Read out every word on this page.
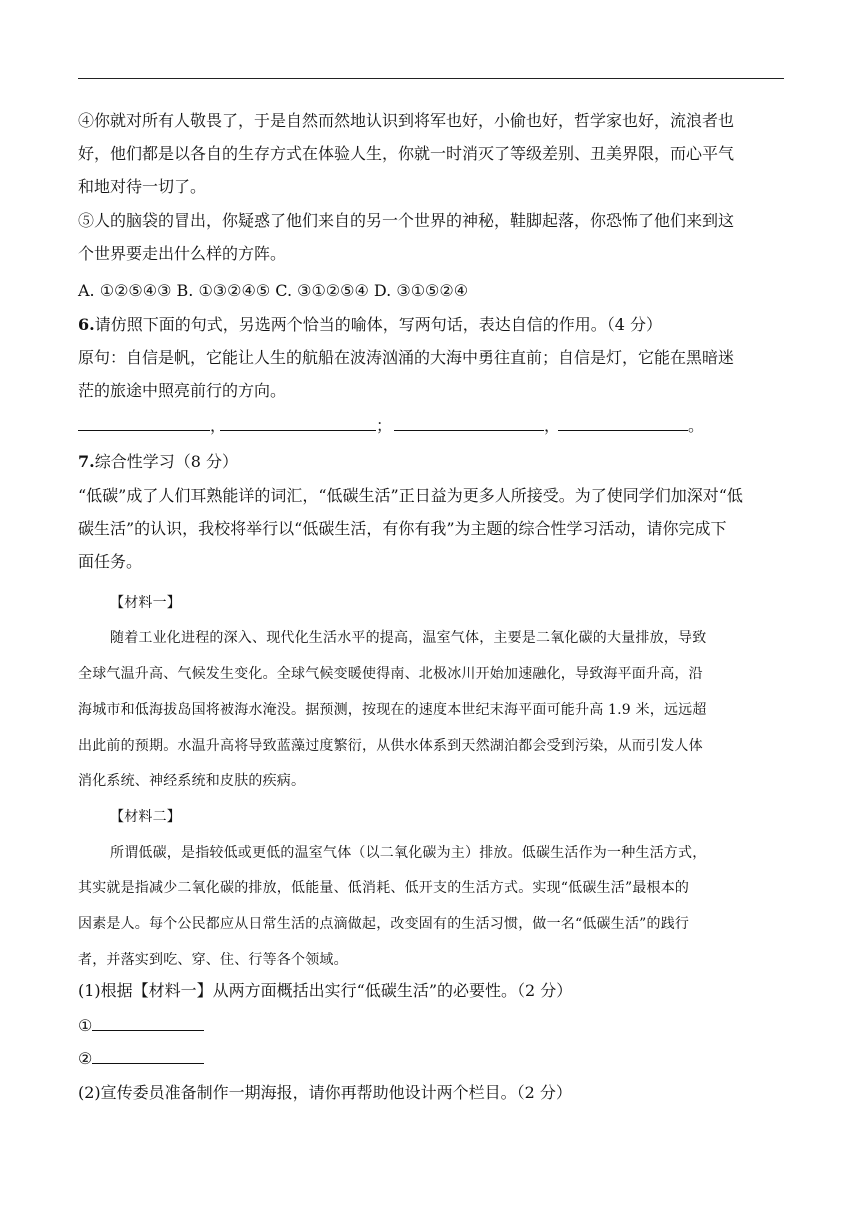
④你就对所有人敬畏了，于是自然而然地认识到将军也好，小偷也好，哲学家也好，流浪者也
好，他们都是以各自的生存方式在体验人生，你就一时消灭了等级差别、丑美界限，而心平气
和地对待一切了。
⑤人的脑袋的冒出，你疑惑了他们来自的另一个世界的神秘，鞋脚起落，你恐怖了他们来到这
个世界要走出什么样的方阵。
A. ①②⑤④③ B. ①③②④⑤ C. ③①②⑤④ D. ③①⑤②④
6.请仿照下面的句式，另选两个恰当的喻体，写两句话，表达自信的作用。（4 分）
原句：自信是帆，它能让人生的航船在波涛汹涌的大海中勇往直前；自信是灯，它能在黑暗迷
茫的旅途中照亮前行的方向。
，	；	，	。
7.综合性学习（8 分）
“低碳”成了人们耳熟能详的词汇，“低碳生活”正日益为更多人所接受。为了使同学们加深对“低
碳生活”的认识，我校将举行以“低碳生活，有你有我”为主题的综合性学习活动，请你完成下
面任务。
【材料一】
随着工业化进程的深入、现代化生活水平的提高，温室气体，主要是二氧化碳的大量排放，导致
全球气温升高、气候发生变化。全球气候变暖使得南、北极冰川开始加速融化，导致海平面升高，沿
海城市和低海拔岛国将被海水淹没。据预测，按现在的速度本世纪末海平面可能升高 1.9 米，远远超
出此前的预期。水温升高将导致蓝藻过度繁衍，从供水体系到天然湖泊都会受到污染，从而引发人体
消化系统、神经系统和皮肤的疾病。
【材料二】
所谓低碳，是指较低或更低的温室气体（以二氧化碳为主）排放。低碳生活作为一种生活方式，
其实就是指减少二氧化碳的排放，低能量、低消耗、低开支的生活方式。实现“低碳生活”最根本的
因素是人。每个公民都应从日常生活的点滴做起，改变固有的生活习惯，做一名“低碳生活”的践行
者，并落实到吃、穿、住、行等各个领域。
(1)根据【材料一】从两方面概括出实行“低碳生活”的必要性。（2 分）
①
②
(2)宣传委员准备制作一期海报，请你再帮助他设计两个栏目。（2 分）
